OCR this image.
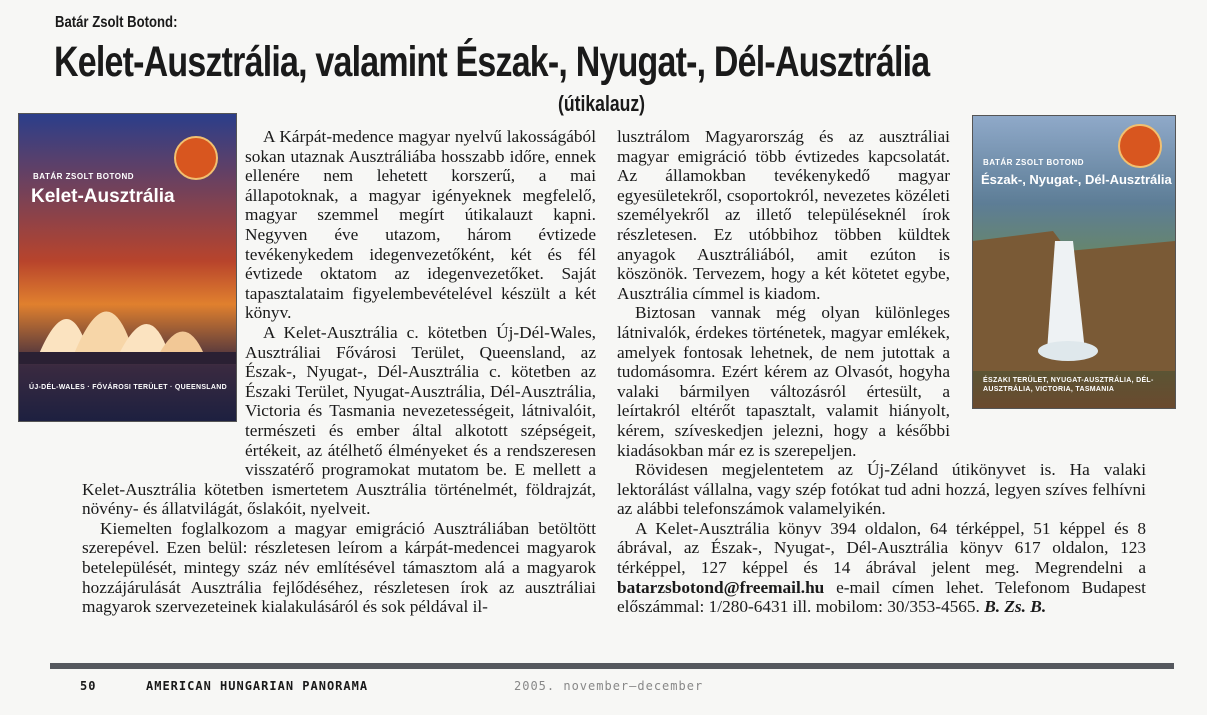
Batár Zsolt Botond:
Kelet-Ausztrália, valamint Észak-, Nyugat-, Dél-Ausztrália
(útikalauz)
BATÁR ZSOLT BOTOND
Kelet-Ausztrália
ÚJ-DÉL-WALES · FŐVÁROSI TERÜLET · QUEENSLAND
BATÁR ZSOLT BOTOND
Észak-, Nyugat-, Dél-Ausztrália
ÉSZAKI TERÜLET, NYUGAT-AUSZTRÁLIA, DÉL-AUSZTRÁLIA, VICTORIA, TASMANIA

A Kárpát-medence magyar nyelvű lakosságából sokan utaznak Ausztráliába hosszabb időre, ennek ellenére nem lehetett korszerű, a mai állapotoknak, a magyar igényeknek megfelelő, magyar szemmel megírt útikalauzt kapni. Negyven éve utazom, három évtizede tevékenykedem idegenvezetőként, két és fél évtizede oktatom az idegenvezetőket. Saját tapasztalataim figyelembevételével készült a két könyv.

A Kelet-Ausztrália c. kötetben Új-Dél-Wales, Ausztráliai Fővárosi Terület, Queensland, az Észak-, Nyugat-, Dél-Ausztrália c. kötetben az Északi Terület, Nyugat-Ausztrália, Dél-Ausztrália, Victoria és Tasmania nevezetességeit, látnivalóit, természeti és ember által alkotott szépségeit, értékeit, az átélhető élményeket és a rendszeresen visszatérő programokat mutatom be. E mellett a Kelet-Ausztrália kötetben ismertetem Ausztrália történelmét, földrajzát, növény- és állatvilágát, őslakóit, nyelveit.

Kiemelten foglalkozom a magyar emigráció Ausztráliában betöltött szerepével. Ezen belül: részletesen leírom a kárpát-medencei magyarok betelepülését, mintegy száz név említésével támasztom alá a magyarok hozzájárulását Ausztrália fejlődéséhez, részletesen írok az ausztráliai magyarok szervezeteinek kialakulásáról és sok példával il-

lusztrálom Magyarország és az ausztráliai magyar emigráció több évtizedes kapcsolatát. Az államokban tevékenykedő magyar egyesületekről, csoportokról, nevezetes közéleti személyekről az illető településeknél írok részletesen. Ez utóbbihoz többen küldtek anyagok Ausztráliából, amit ezúton is köszönök. Tervezem, hogy a két kötetet egybe, Ausztrália címmel is kiadom.

Biztosan vannak még olyan különleges látnivalók, érdekes történetek, magyar emlékek, amelyek fontosak lehetnek, de nem jutottak a tudomásomra. Ezért kérem az Olvasót, hogyha valaki bármilyen változásról értesült, a leírtakról eltérőt tapasztalt, valamit hiányolt, kérem, szíveskedjen jelezni, hogy a későbbi kiadásokban már ez is szerepeljen.

Rövidesen megjelentetem az Új-Zéland útikönyvet is. Ha valaki lektorálást vállalna, vagy szép fotókat tud adni hozzá, legyen szíves felhívni az alábbi telefonszámok valamelyikén.

A Kelet-Ausztrália könyv 394 oldalon, 64 térképpel, 51 képpel és 8 ábrával, az Észak-, Nyugat-, Dél-Ausztrália könyv 617 oldalon, 123 térképpel, 127 képpel és 14 ábrával jelent meg. Megrendelni a batarzsbotond@freemail.hu e-mail címen lehet. Telefonom Budapest előszámmal: 1/280-6431 ill. mobilom: 30/353-4565. B. Zs. B.

50	AMERICAN HUNGARIAN PANORAMA	2005. november–december
